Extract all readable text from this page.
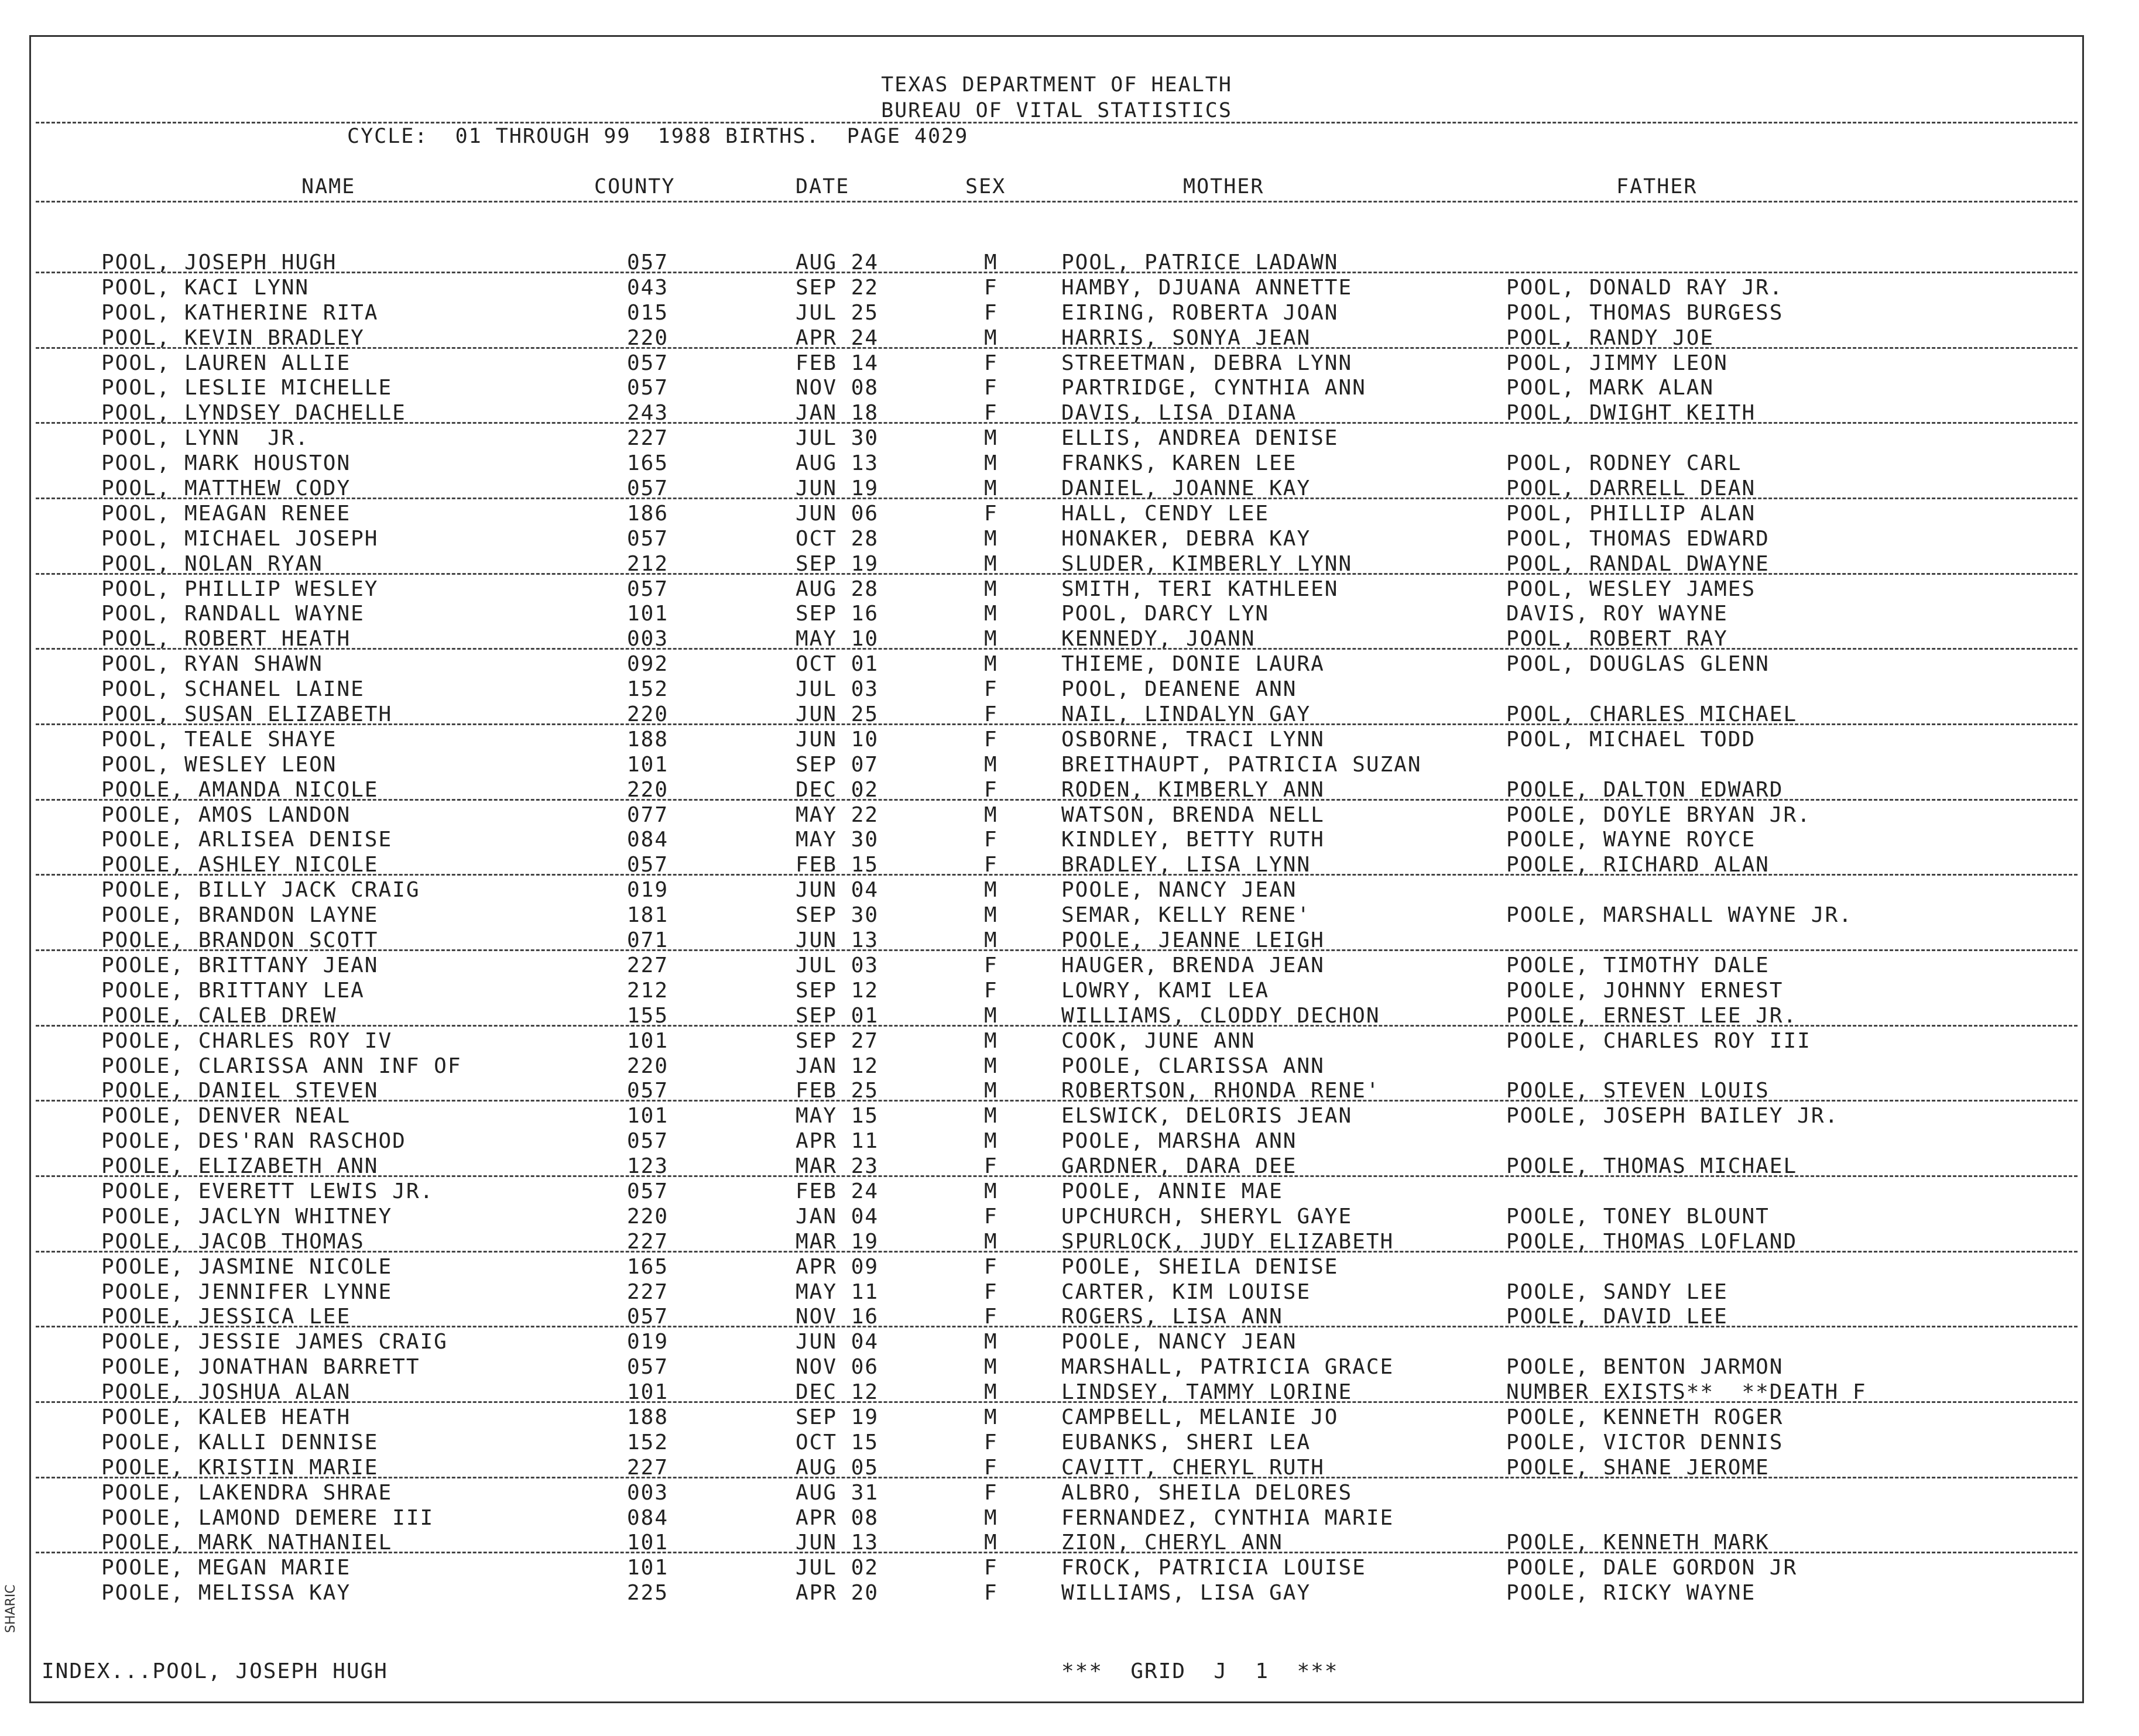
TEXAS DEPARTMENT OF HEALTH
BUREAU OF VITAL STATISTICS
CYCLE:  01 THROUGH 99  1988 BIRTHS.  PAGE 4029
NAME	COUNTY	DATE	SEX	MOTHER	FATHER
POOL, JOSEPH HUGH	057	AUG 24	M	POOL, PATRICE LADAWN
POOL, KACI LYNN	043	SEP 22	F	HAMBY, DJUANA ANNETTE	POOL, DONALD RAY JR.
POOL, KATHERINE RITA	015	JUL 25	F	EIRING, ROBERTA JOAN	POOL, THOMAS BURGESS
POOL, KEVIN BRADLEY	220	APR 24	M	HARRIS, SONYA JEAN	POOL, RANDY JOE
POOL, LAUREN ALLIE	057	FEB 14	F	STREETMAN, DEBRA LYNN	POOL, JIMMY LEON
POOL, LESLIE MICHELLE	057	NOV 08	F	PARTRIDGE, CYNTHIA ANN	POOL, MARK ALAN
POOL, LYNDSEY DACHELLE	243	JAN 18	F	DAVIS, LISA DIANA	POOL, DWIGHT KEITH
POOL, LYNN  JR.	227	JUL 30	M	ELLIS, ANDREA DENISE
POOL, MARK HOUSTON	165	AUG 13	M	FRANKS, KAREN LEE	POOL, RODNEY CARL
POOL, MATTHEW CODY	057	JUN 19	M	DANIEL, JOANNE KAY	POOL, DARRELL DEAN
POOL, MEAGAN RENEE	186	JUN 06	F	HALL, CENDY LEE	POOL, PHILLIP ALAN
POOL, MICHAEL JOSEPH	057	OCT 28	M	HONAKER, DEBRA KAY	POOL, THOMAS EDWARD
POOL, NOLAN RYAN	212	SEP 19	M	SLUDER, KIMBERLY LYNN	POOL, RANDAL DWAYNE
POOL, PHILLIP WESLEY	057	AUG 28	M	SMITH, TERI KATHLEEN	POOL, WESLEY JAMES
POOL, RANDALL WAYNE	101	SEP 16	M	POOL, DARCY LYN	DAVIS, ROY WAYNE
POOL, ROBERT HEATH	003	MAY 10	M	KENNEDY, JOANN	POOL, ROBERT RAY
POOL, RYAN SHAWN	092	OCT 01	M	THIEME, DONIE LAURA	POOL, DOUGLAS GLENN
POOL, SCHANEL LAINE	152	JUL 03	F	POOL, DEANENE ANN
POOL, SUSAN ELIZABETH	220	JUN 25	F	NAIL, LINDALYN GAY	POOL, CHARLES MICHAEL
POOL, TEALE SHAYE	188	JUN 10	F	OSBORNE, TRACI LYNN	POOL, MICHAEL TODD
POOL, WESLEY LEON	101	SEP 07	M	BREITHAUPT, PATRICIA SUZAN
POOLE, AMANDA NICOLE	220	DEC 02	F	RODEN, KIMBERLY ANN	POOLE, DALTON EDWARD
POOLE, AMOS LANDON	077	MAY 22	M	WATSON, BRENDA NELL	POOLE, DOYLE BRYAN JR.
POOLE, ARLISEA DENISE	084	MAY 30	F	KINDLEY, BETTY RUTH	POOLE, WAYNE ROYCE
POOLE, ASHLEY NICOLE	057	FEB 15	F	BRADLEY, LISA LYNN	POOLE, RICHARD ALAN
POOLE, BILLY JACK CRAIG	019	JUN 04	M	POOLE, NANCY JEAN
POOLE, BRANDON LAYNE	181	SEP 30	M	SEMAR, KELLY RENE'	POOLE, MARSHALL WAYNE JR.
POOLE, BRANDON SCOTT	071	JUN 13	M	POOLE, JEANNE LEIGH
POOLE, BRITTANY JEAN	227	JUL 03	F	HAUGER, BRENDA JEAN	POOLE, TIMOTHY DALE
POOLE, BRITTANY LEA	212	SEP 12	F	LOWRY, KAMI LEA	POOLE, JOHNNY ERNEST
POOLE, CALEB DREW	155	SEP 01	M	WILLIAMS, CLODDY DECHON	POOLE, ERNEST LEE JR.
POOLE, CHARLES ROY IV	101	SEP 27	M	COOK, JUNE ANN	POOLE, CHARLES ROY III
POOLE, CLARISSA ANN INF OF	220	JAN 12	M	POOLE, CLARISSA ANN
POOLE, DANIEL STEVEN	057	FEB 25	M	ROBERTSON, RHONDA RENE'	POOLE, STEVEN LOUIS
POOLE, DENVER NEAL	101	MAY 15	M	ELSWICK, DELORIS JEAN	POOLE, JOSEPH BAILEY JR.
POOLE, DES'RAN RASCHOD	057	APR 11	M	POOLE, MARSHA ANN
POOLE, ELIZABETH ANN	123	MAR 23	F	GARDNER, DARA DEE	POOLE, THOMAS MICHAEL
POOLE, EVERETT LEWIS JR.	057	FEB 24	M	POOLE, ANNIE MAE
POOLE, JACLYN WHITNEY	220	JAN 04	F	UPCHURCH, SHERYL GAYE	POOLE, TONEY BLOUNT
POOLE, JACOB THOMAS	227	MAR 19	M	SPURLOCK, JUDY ELIZABETH	POOLE, THOMAS LOFLAND
POOLE, JASMINE NICOLE	165	APR 09	F	POOLE, SHEILA DENISE
POOLE, JENNIFER LYNNE	227	MAY 11	F	CARTER, KIM LOUISE	POOLE, SANDY LEE
POOLE, JESSICA LEE	057	NOV 16	F	ROGERS, LISA ANN	POOLE, DAVID LEE
POOLE, JESSIE JAMES CRAIG	019	JUN 04	M	POOLE, NANCY JEAN
POOLE, JONATHAN BARRETT	057	NOV 06	M	MARSHALL, PATRICIA GRACE	POOLE, BENTON JARMON
POOLE, JOSHUA ALAN	101	DEC 12	M	LINDSEY, TAMMY LORINE	NUMBER EXISTS**  **DEATH F
POOLE, KALEB HEATH	188	SEP 19	M	CAMPBELL, MELANIE JO	POOLE, KENNETH ROGER
POOLE, KALLI DENNISE	152	OCT 15	F	EUBANKS, SHERI LEA	POOLE, VICTOR DENNIS
POOLE, KRISTIN MARIE	227	AUG 05	F	CAVITT, CHERYL RUTH	POOLE, SHANE JEROME
POOLE, LAKENDRA SHRAE	003	AUG 31	F	ALBRO, SHEILA DELORES
POOLE, LAMOND DEMERE III	084	APR 08	M	FERNANDEZ, CYNTHIA MARIE
POOLE, MARK NATHANIEL	101	JUN 13	M	ZION, CHERYL ANN	POOLE, KENNETH MARK
POOLE, MEGAN MARIE	101	JUL 02	F	FROCK, PATRICIA LOUISE	POOLE, DALE GORDON JR
POOLE, MELISSA KAY	225	APR 20	F	WILLIAMS, LISA GAY	POOLE, RICKY WAYNE
INDEX...POOL, JOSEPH HUGH	***  GRID  J  1  ***
SHARIC
